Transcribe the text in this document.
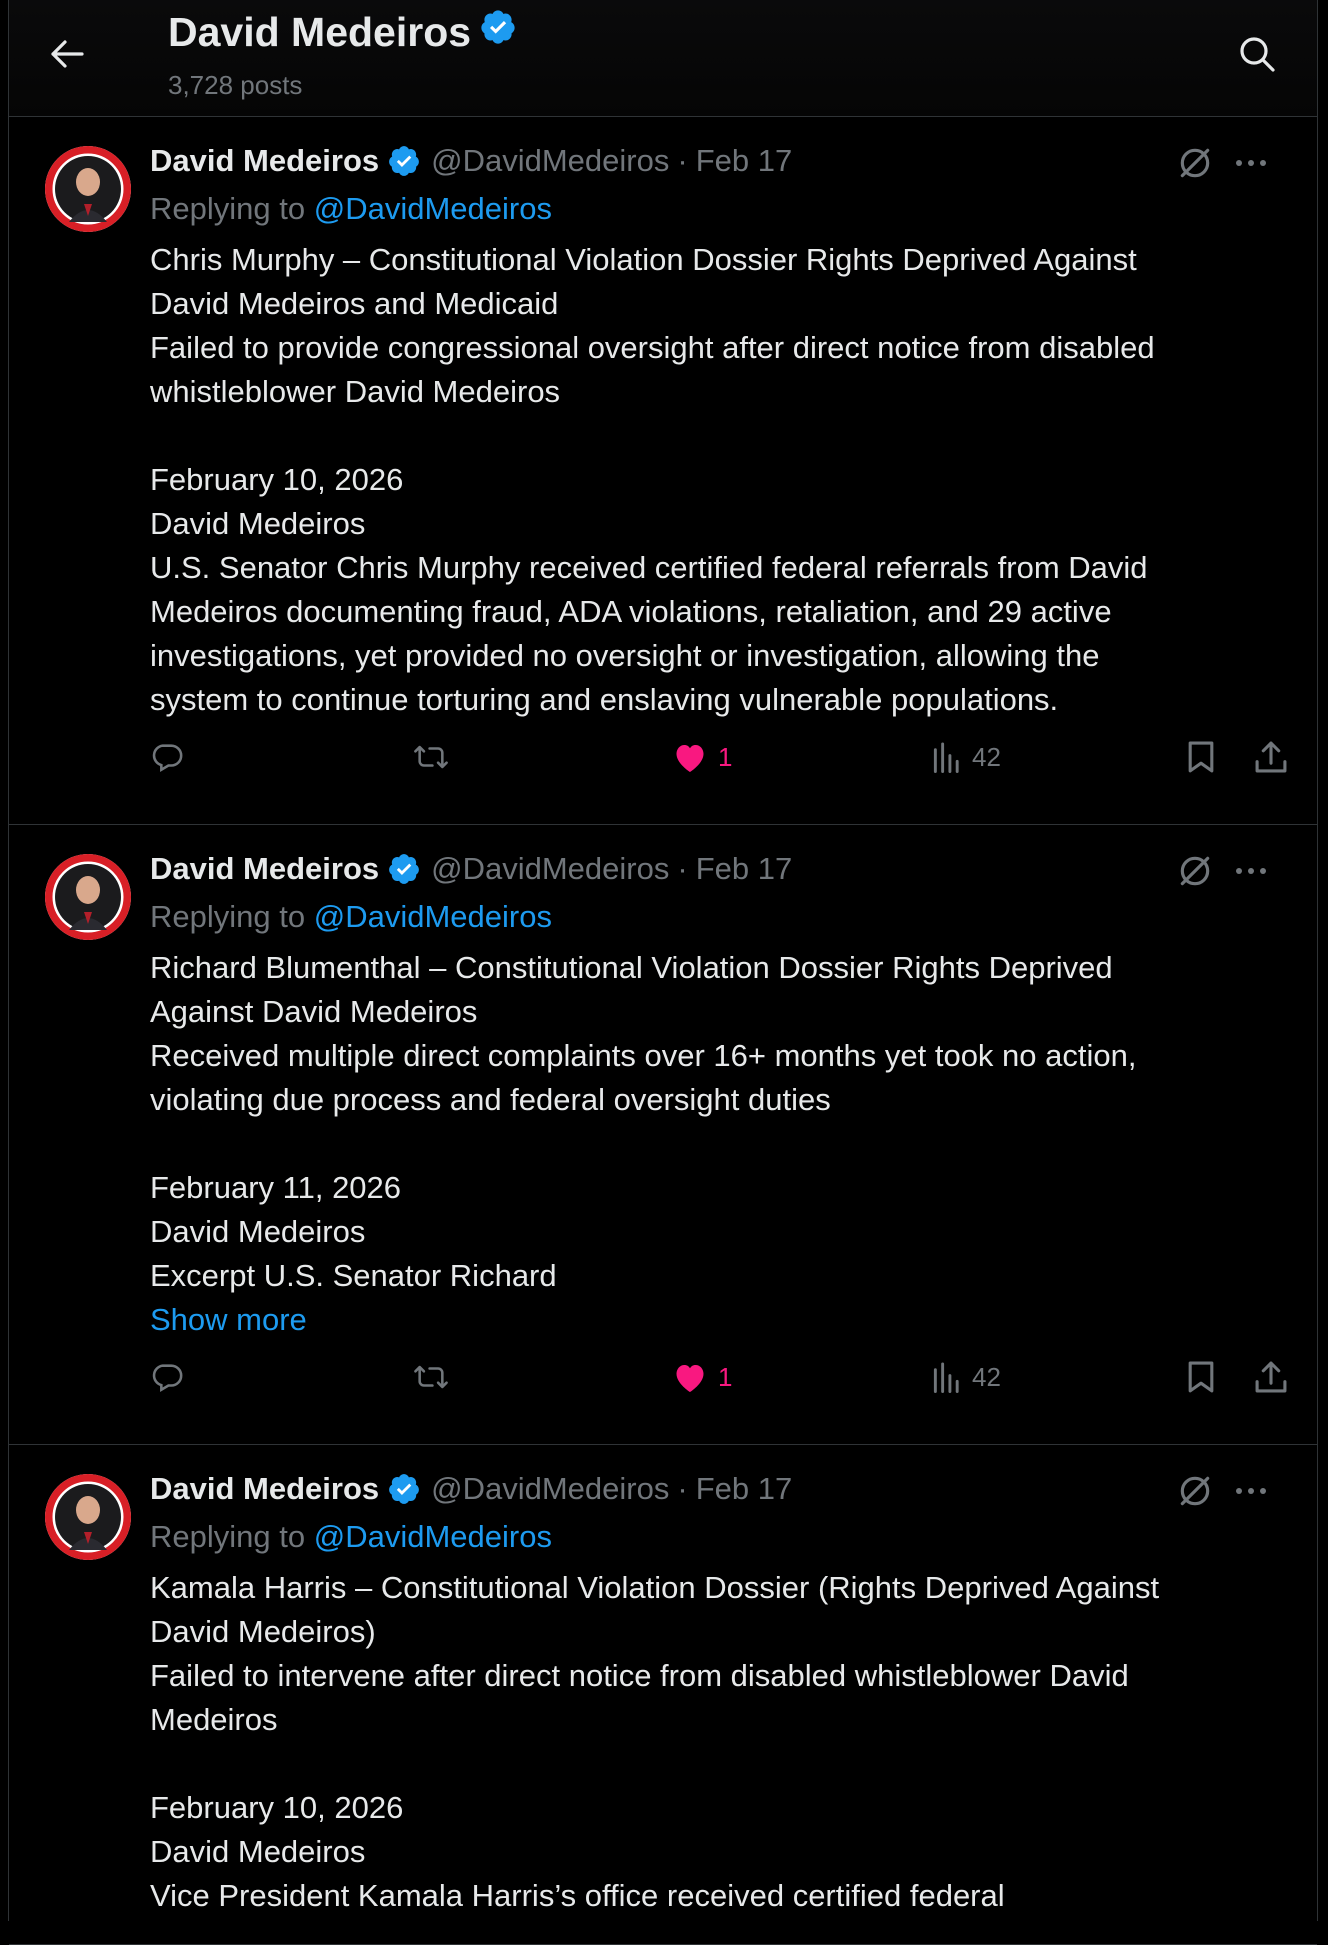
David Medeiros
3,728 posts
David Medeiros @DavidMedeiros · Feb 17
Replying to @DavidMedeiros

Chris Murphy – Constitutional Violation Dossier Rights Deprived Against

David Medeiros and Medicaid

Failed to provide congressional oversight after direct notice from disabled

whistleblower David Medeiros

February 10, 2026

David Medeiros

U.S. Senator Chris Murphy received certified federal referrals from David

Medeiros documenting fraud, ADA violations, retaliation, and 29 active

investigations, yet provided no oversight or investigation, allowing the

system to continue torturing and enslaving vulnerable populations.

1	42
David Medeiros @DavidMedeiros · Feb 17
Replying to @DavidMedeiros

Richard Blumenthal – Constitutional Violation Dossier Rights Deprived

Against David Medeiros

Received multiple direct complaints over 16+ months yet took no action,

violating due process and federal oversight duties

February 11, 2026

David Medeiros

Excerpt U.S. Senator Richard

Show more

1	42
David Medeiros @DavidMedeiros · Feb 17
Replying to @DavidMedeiros

Kamala Harris – Constitutional Violation Dossier (Rights Deprived Against

David Medeiros)

Failed to intervene after direct notice from disabled whistleblower David

Medeiros

February 10, 2026

David Medeiros

Vice President Kamala Harris’s office received certified federal
